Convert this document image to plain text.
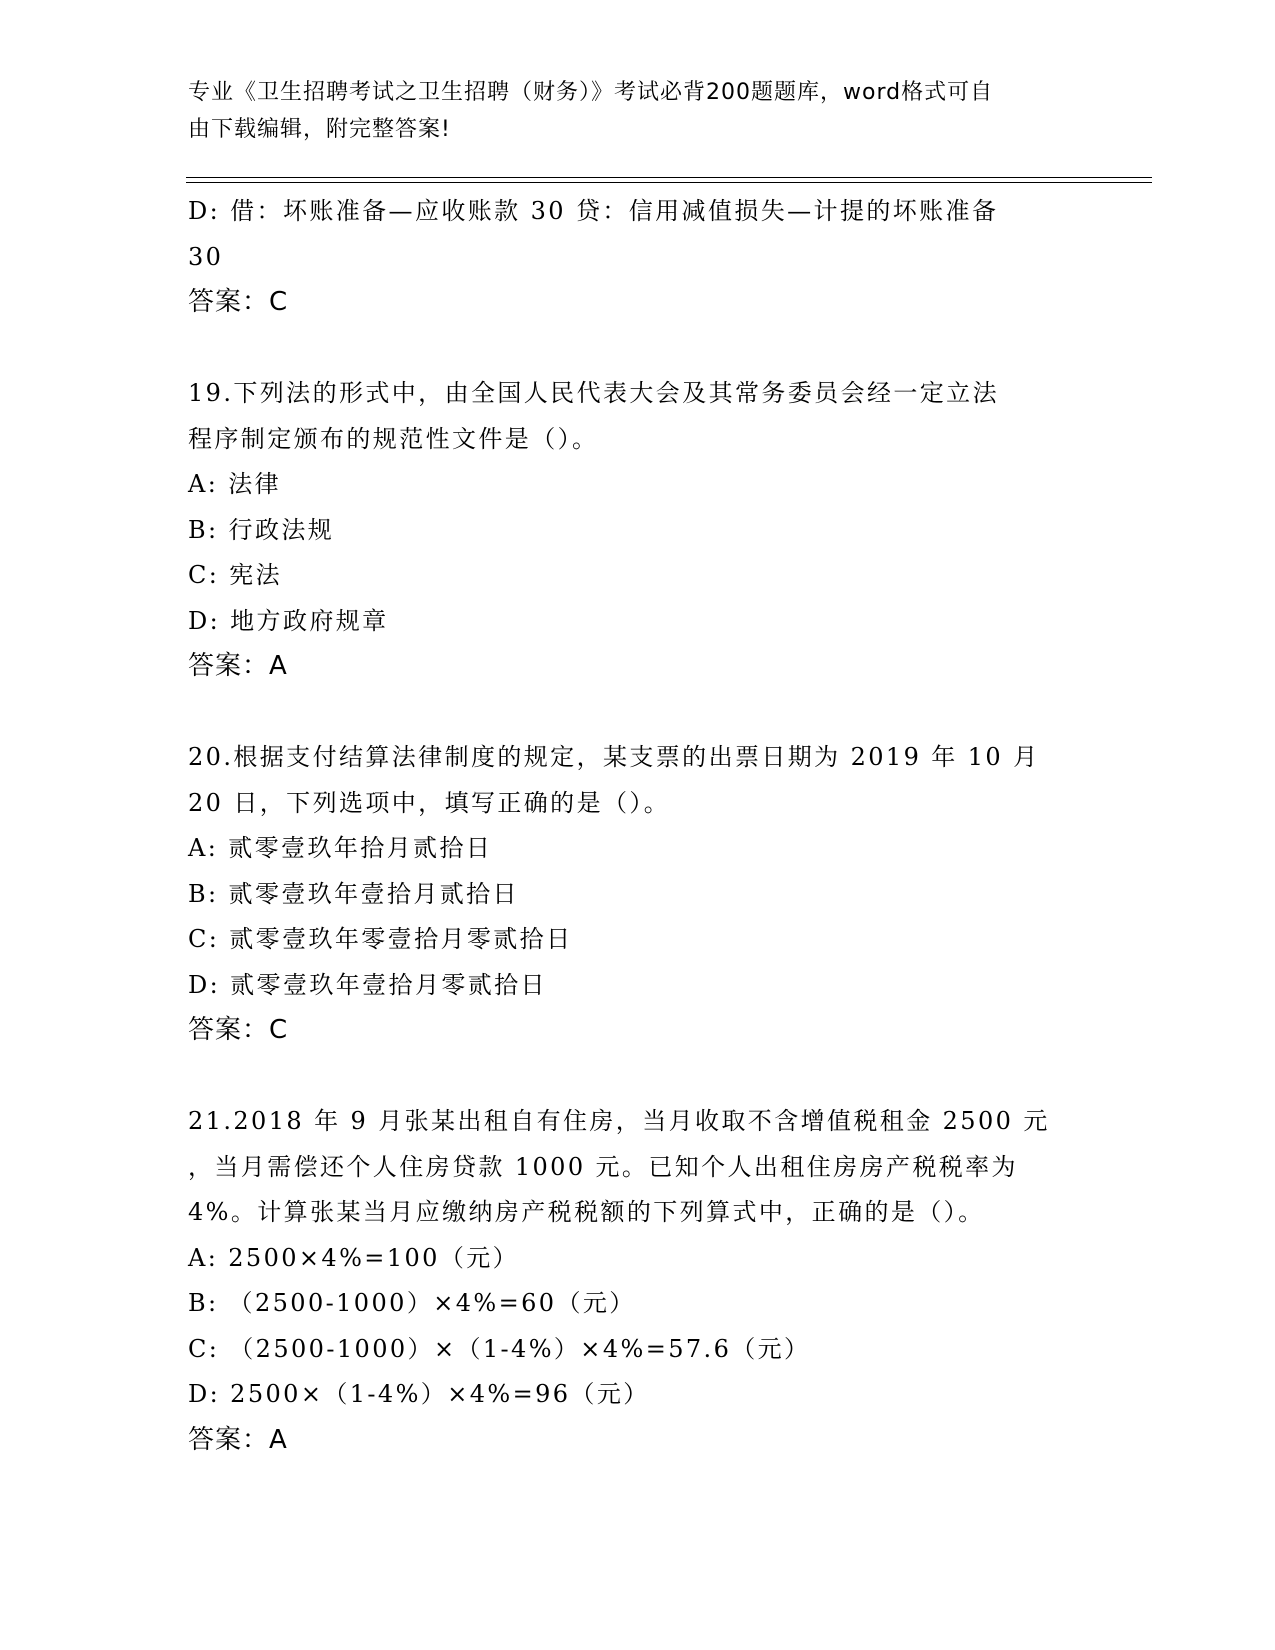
专业《卫生招聘考试之卫生招聘（财务）》考试必背200题题库，word格式可自
由下载编辑，附完整答案!
D: 借：坏账准备—应收账款 30 贷：信用减值损失—计提的坏账准备
30
答案：C
19.下列法的形式中，由全国人民代表大会及其常务委员会经一定立法
程序制定颁布的规范性文件是（）。
A: 法律
B: 行政法规
C: 宪法
D: 地方政府规章
答案：A
20.根据支付结算法律制度的规定，某支票的出票日期为 2019 年 10 月
20 日，下列选项中，填写正确的是（）。
A: 贰零壹玖年拾月贰拾日
B: 贰零壹玖年壹拾月贰拾日
C: 贰零壹玖年零壹拾月零贰拾日
D: 贰零壹玖年壹拾月零贰拾日
答案：C
21.2018 年 9 月张某出租自有住房，当月收取不含增值税租金 2500 元
，当月需偿还个人住房贷款 1000 元。已知个人出租住房房产税税率为
4%。计算张某当月应缴纳房产税税额的下列算式中，正确的是（）。
A: 2500×4%=100（元）
B: （2500-1000）×4%=60（元）
C: （2500-1000）×（1-4%）×4%=57.6（元）
D: 2500×（1-4%）×4%=96（元）
答案：A
